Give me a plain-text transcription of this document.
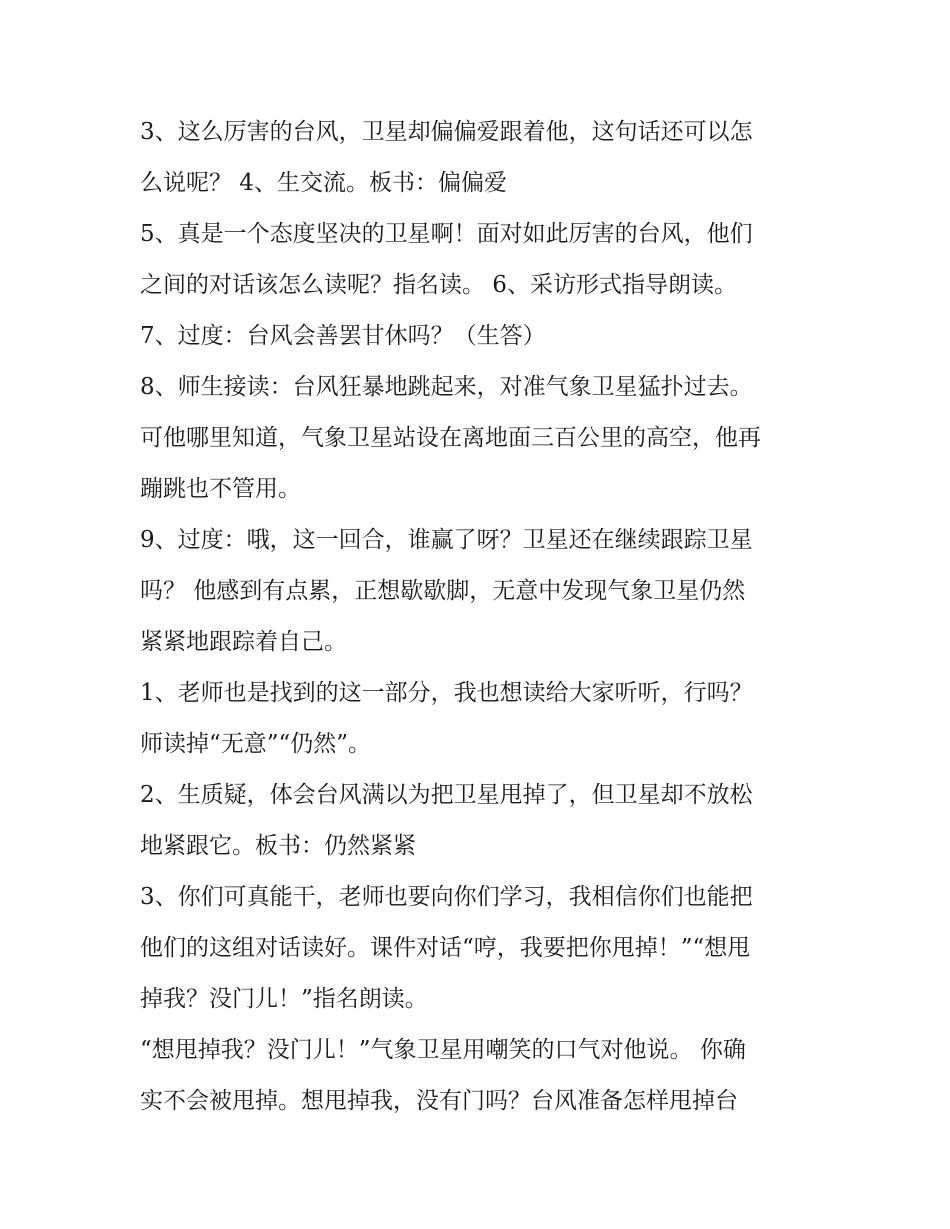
3、这么厉害的台风，卫星却偏偏爱跟着他，这句话还可以怎
么说呢？ 4、生交流。板书：偏偏爱
5、真是一个态度坚决的卫星啊！面对如此厉害的台风，他们
之间的对话该怎么读呢？指名读。 6、采访形式指导朗读。
7、过度：台风会善罢甘休吗？（生答）
8、师生接读：台风狂暴地跳起来，对准气象卫星猛扑过去。
可他哪里知道，气象卫星站设在离地面三百公里的高空，他再
蹦跳也不管用。
9、过度：哦，这一回合，谁赢了呀？卫星还在继续跟踪卫星
吗？ 他感到有点累，正想歇歇脚，无意中发现气象卫星仍然
紧紧地跟踪着自己。
1、老师也是找到的这一部分，我也想读给大家听听，行吗？
师读掉“无意”“仍然”。
2、生质疑，体会台风满以为把卫星甩掉了，但卫星却不放松
地紧跟它。板书：仍然紧紧
3、你们可真能干，老师也要向你们学习，我相信你们也能把
他们的这组对话读好。课件对话“哼，我要把你甩掉！”“想甩
掉我？没门儿！”指名朗读。
“想甩掉我？没门儿！”气象卫星用嘲笑的口气对他说。 你确
实不会被甩掉。想甩掉我，没有门吗？台风准备怎样甩掉台
